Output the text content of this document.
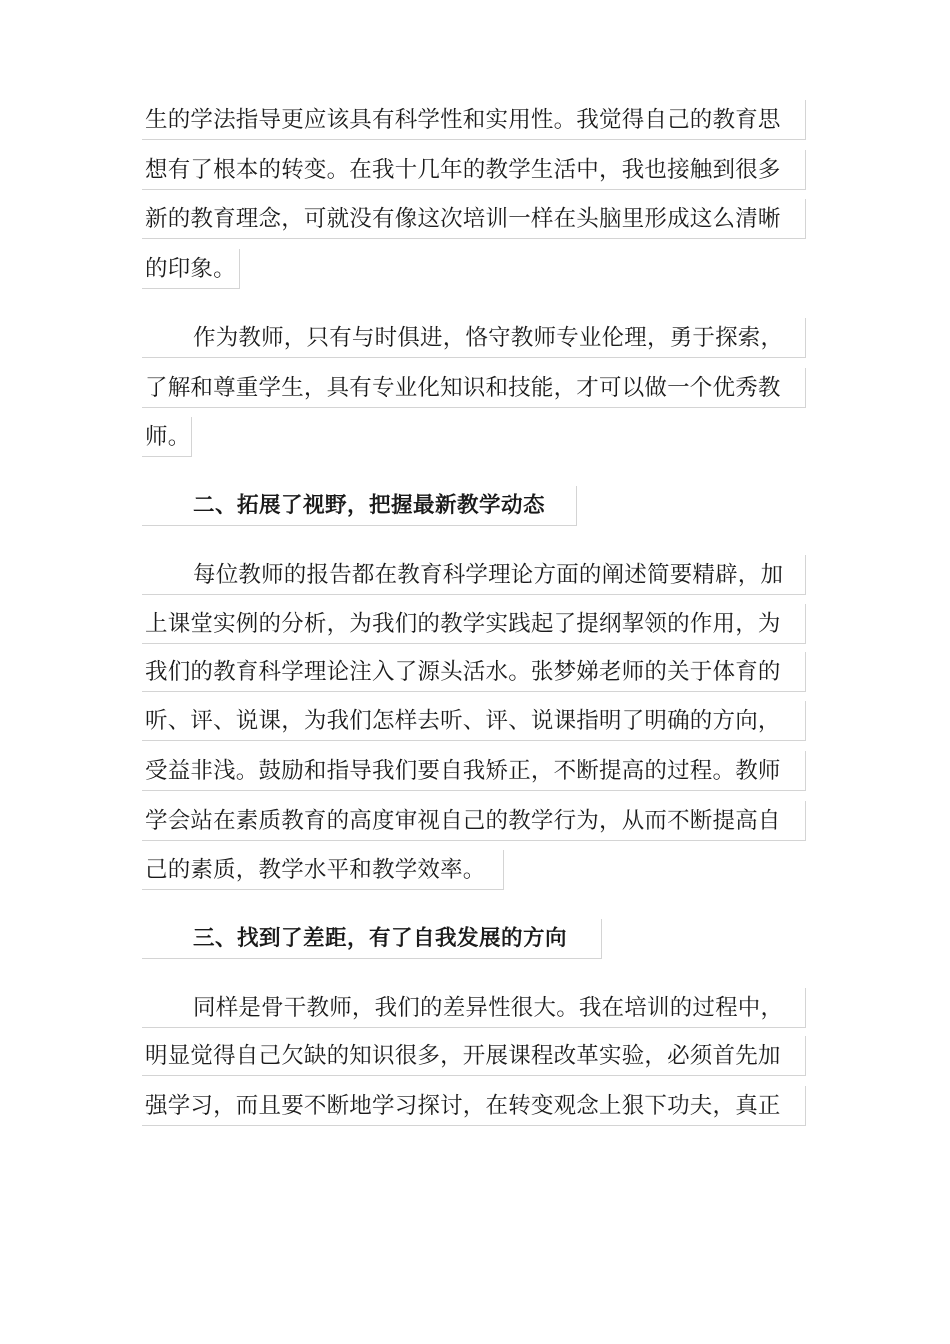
生的学法指导更应该具有科学性和实用性。我觉得自己的教育思
想有了根本的转变。在我十几年的教学生活中，我也接触到很多
新的教育理念，可就没有像这次培训一样在头脑里形成这么清晰
的印象。
作为教师，只有与时俱进，恪守教师专业伦理，勇于探索，
了解和尊重学生，具有专业化知识和技能，才可以做一个优秀教
师。
二、拓展了视野，把握最新教学动态
每位教师的报告都在教育科学理论方面的阐述简要精辟，加
上课堂实例的分析，为我们的教学实践起了提纲挈领的作用，为
我们的教育科学理论注入了源头活水。张梦娣老师的关于体育的
听、评、说课，为我们怎样去听、评、说课指明了明确的方向，
受益非浅。鼓励和指导我们要自我矫正，不断提高的过程。教师
学会站在素质教育的高度审视自己的教学行为，从而不断提高自
己的素质，教学水平和教学效率。
三、找到了差距，有了自我发展的方向
同样是骨干教师，我们的差异性很大。我在培训的过程中，
明显觉得自己欠缺的知识很多，开展课程改革实验，必须首先加
强学习，而且要不断地学习探讨，在转变观念上狠下功夫，真正
